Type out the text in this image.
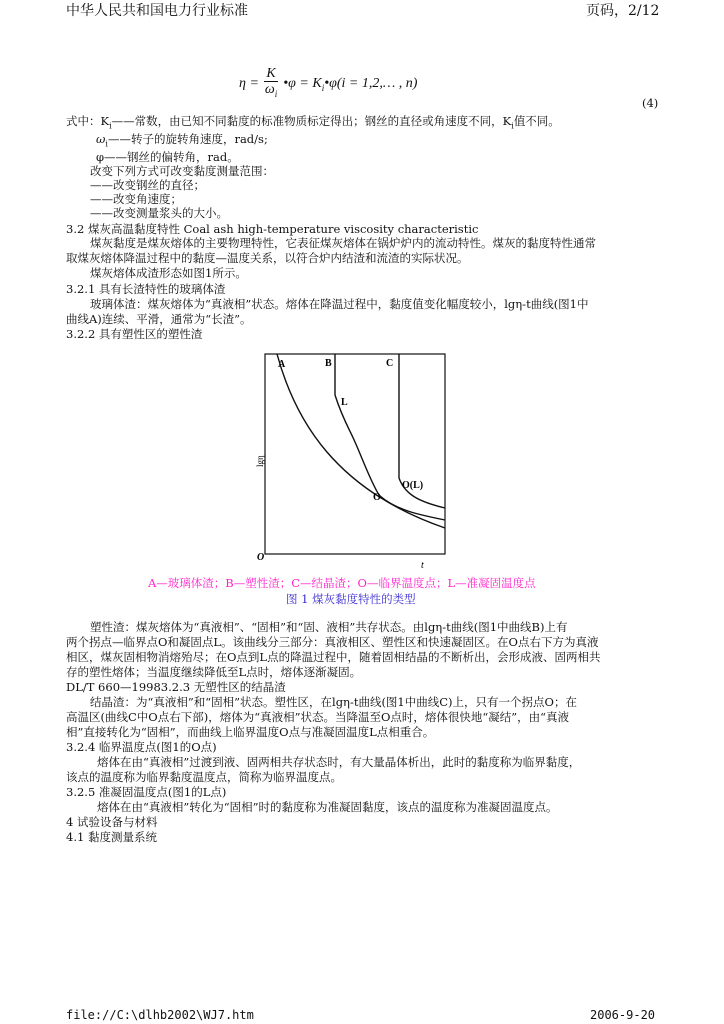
中华人民共和国电力行业标准	页码，2/12
$\eta = \frac{K}{\omega_i}$ •φ = $K_i•\varphi(i$ = 1,2,… , n)
(4)
式中：$K_i——$常数，由已知不同黏度的标准物质标定得出；钢丝的直径或角速度不同，$K_i$值不同。
$\omega_i——$转子的旋转角速度，rad/s;
φ——钢丝的偏转角，rad。
改变下列方式可改变黏度测量范围：
——改变钢丝的直径；
——改变角速度；
——改变测量浆头的大小。
3.2 煤灰高温黏度特性 Coal ash high-temperature viscosity characteristic
煤灰黏度是煤灰熔体的主要物理特性，它表征煤灰熔体在锅炉炉内的流动特性。煤灰的黏度特性通常
取煤灰熔体降温过程中的黏度—温度关系，以符合炉内结渣和流渣的实际状况。
煤灰熔体成渣形态如图1所示。
3.2.1 具有长渣特性的玻璃体渣
玻璃体渣：煤灰熔体为“真液相”状态。熔体在降温过程中，黏度值变化幅度较小，lgη-t曲线(图1中
曲线A)连续、平滑，通常为“长渣”。
3.2.2 具有塑性区的塑性渣
A	B	C
L
O
O(L)
lgη
t
O
A—玻璃体渣；B—塑性渣；C—结晶渣；O—临界温度点；L—准凝固温度点
图 1 煤灰黏度特性的类型
塑性渣：煤灰熔体为“真液相”、“固相”和“固、液相”共存状态。由lgη-t曲线(图1中曲线B)上有
两个拐点—临界点O和凝固点L。该曲线分三部分：真液相区、塑性区和快速凝固区。在O点右下方为真液
相区，煤灰固相物消熔殆尽；在O点到L点的降温过程中，随着固相结晶的不断析出，会形成液、固两相共
存的塑性熔体；当温度继续降低至L点时，熔体逐渐凝固。
DL/T 660—19983.2.3 无塑性区的结晶渣
结晶渣：为“真液相”和“固相”状态。塑性区，在lgη-t曲线(图1中曲线C)上，只有一个拐点O；在
高温区(曲线C中O点右下部)，熔体为“真液相”状态。当降温至O点时，熔体很快地“凝结”，由“真液
相”直接转化为“固相”，而曲线上临界温度O点与准凝固温度L点相重合。
3.2.4 临界温度点(图1的O点)
熔体在由“真液相”过渡到液、固两相共存状态时，有大量晶体析出，此时的黏度称为临界黏度，
该点的温度称为临界黏度温度点，简称为临界温度点。
3.2.5 准凝固温度点(图1的L点)
熔体在由“真液相”转化为“固相”时的黏度称为准凝固黏度，该点的温度称为准凝固温度点。
4 试验设备与材料
4.1 黏度测量系统
file://C:\dlhb2002\WJ7.htm	2006-9-20
